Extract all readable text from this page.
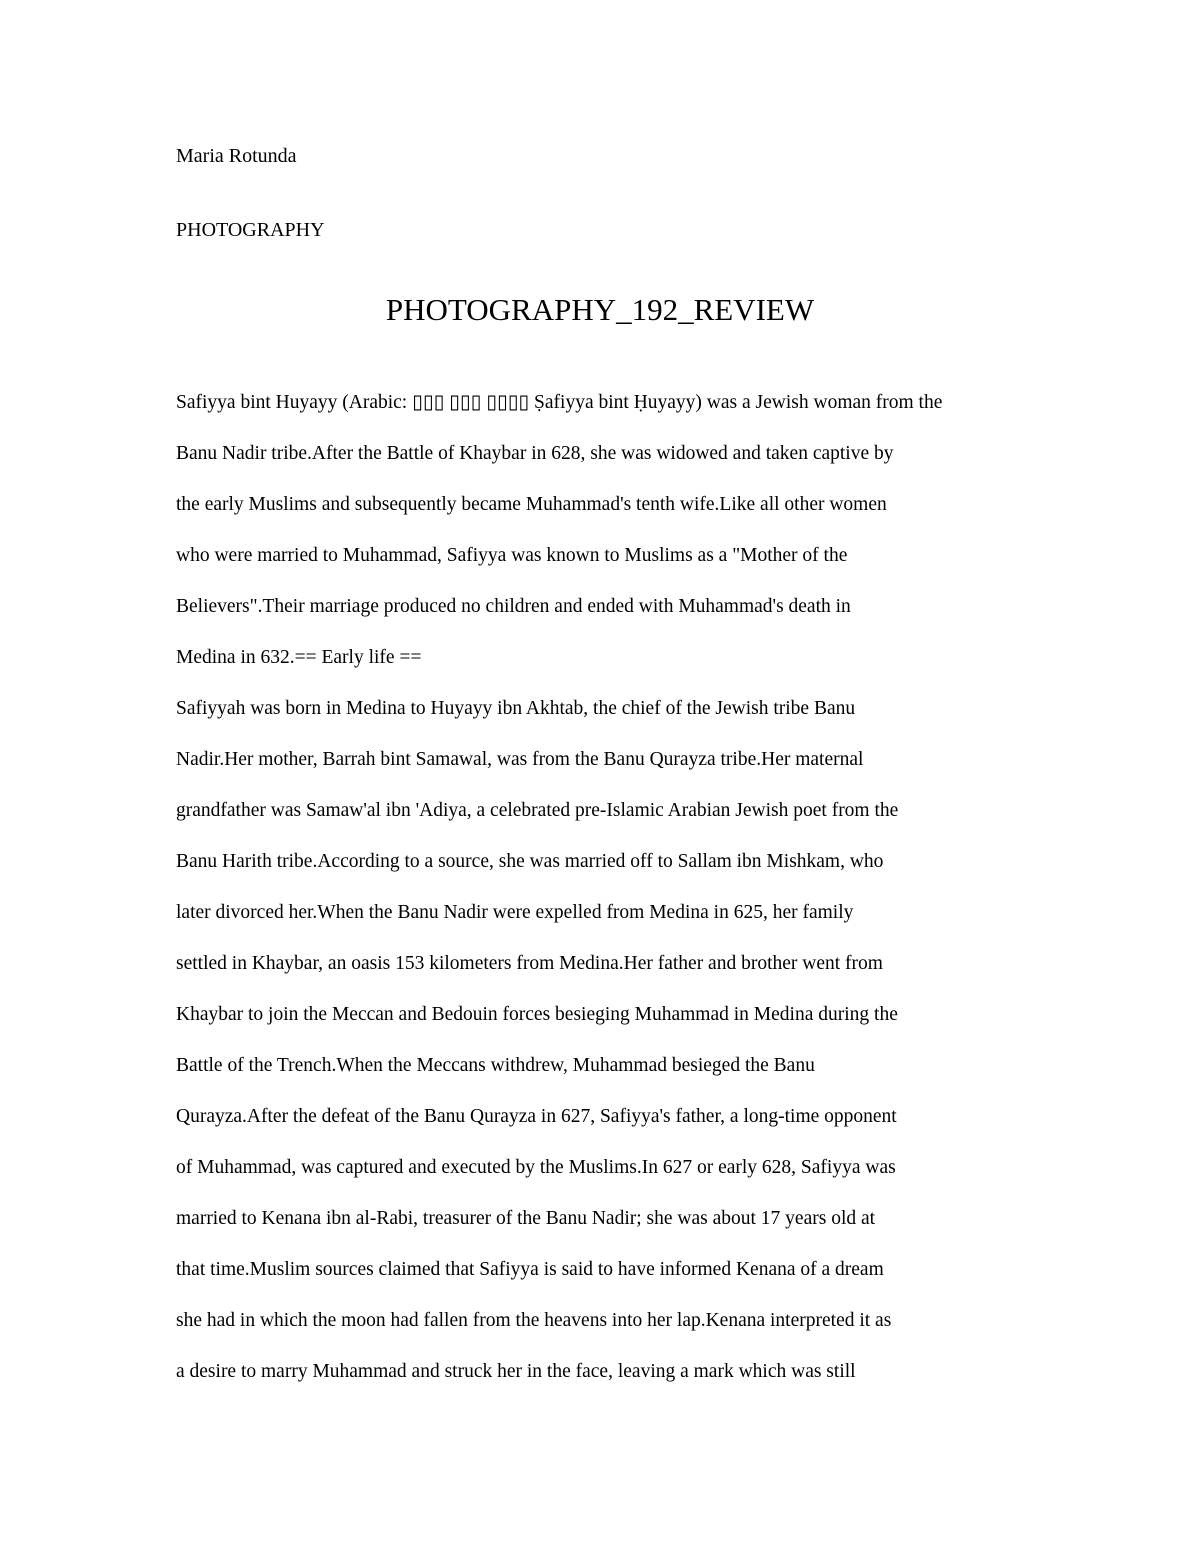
Maria Rotunda
PHOTOGRAPHY
PHOTOGRAPHY_192_REVIEW
Safiyya bint Huyayy (Arabic: ▯▯▯ ▯▯▯ ▯▯▯▯ Ṣafiyya bint Ḥuyayy) was a Jewish woman from the
Banu Nadir tribe.After the Battle of Khaybar in 628, she was widowed and taken captive by
the early Muslims and subsequently became Muhammad's tenth wife.Like all other women
who were married to Muhammad, Safiyya was known to Muslims as a "Mother of the
Believers".Their marriage produced no children and ended with Muhammad's death in
Medina in 632.== Early life ==
Safiyyah was born in Medina to Huyayy ibn Akhtab, the chief of the Jewish tribe Banu
Nadir.Her mother, Barrah bint Samawal, was from the Banu Qurayza tribe.Her maternal
grandfather was Samaw'al ibn 'Adiya, a celebrated pre-Islamic Arabian Jewish poet from the
Banu Harith tribe.According to a source, she was married off to Sallam ibn Mishkam, who
later divorced her.When the Banu Nadir were expelled from Medina in 625, her family
settled in Khaybar, an oasis 153 kilometers from Medina.Her father and brother went from
Khaybar to join the Meccan and Bedouin forces besieging Muhammad in Medina during the
Battle of the Trench.When the Meccans withdrew, Muhammad besieged the Banu
Qurayza.After the defeat of the Banu Qurayza in 627, Safiyya's father, a long-time opponent
of Muhammad, was captured and executed by the Muslims.In 627 or early 628, Safiyya was
married to Kenana ibn al-Rabi, treasurer of the Banu Nadir; she was about 17 years old at
that time.Muslim sources claimed that Safiyya is said to have informed Kenana of a dream
she had in which the moon had fallen from the heavens into her lap.Kenana interpreted it as
a desire to marry Muhammad and struck her in the face, leaving a mark which was still
